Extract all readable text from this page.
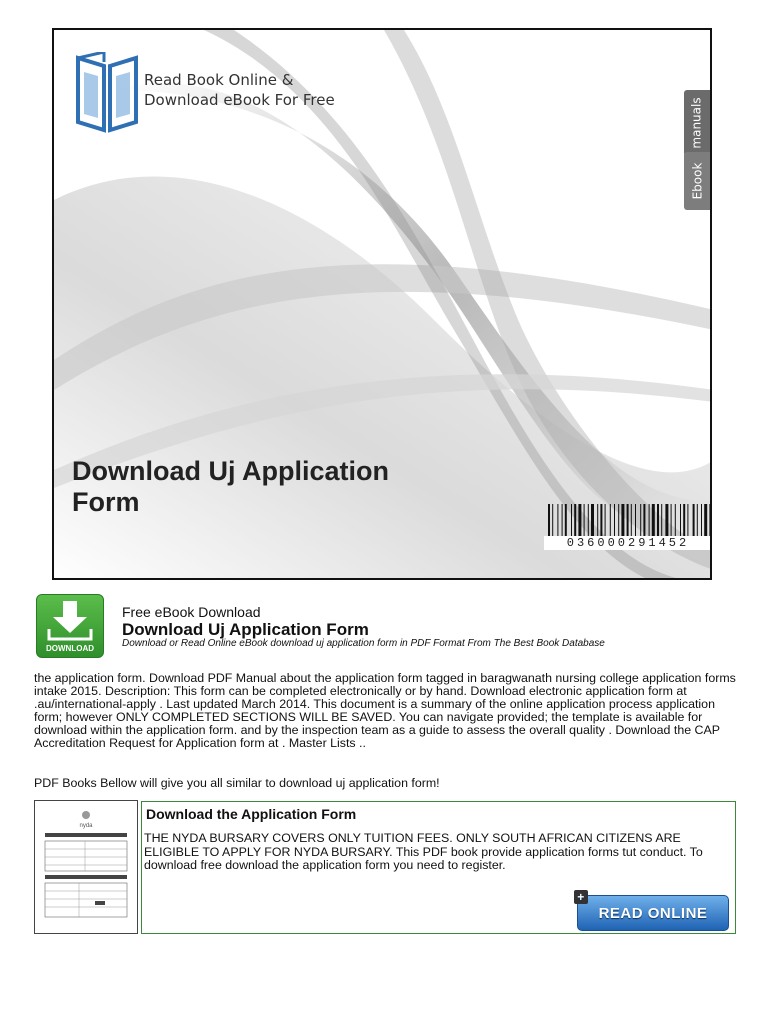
Read Book Online &
Download eBook For Free	manuals
Ebook
Download Uj Application
Form
036000291452
DOWNLOAD
Free eBook Download
Download Uj Application Form
Download or Read Online eBook download uj application form in PDF Format From The Best Book Database
the application form. Download PDF Manual about the application form tagged in baragwanath nursing college application forms intake 2015. Description: This form can be completed electronically or by hand. Download electronic application form at .au/international-apply . Last updated March 2014. This document is a summary of the online application process application form; however ONLY COMPLETED SECTIONS WILL BE SAVED. You can navigate provided; the template is available for download within the application form. and by the inspection team as a guide to assess the overall quality . Download the CAP Accreditation Request for Application form at . Master Lists ..
PDF Books Bellow will give you all similar to download uj application form!
nyda
Download the Application Form
THE NYDA BURSARY COVERS ONLY TUITION FEES. ONLY SOUTH AFRICAN CITIZENS ARE ELIGIBLE TO APPLY FOR NYDA BURSARY. This PDF book provide application forms tut conduct. To download free download the application form you need to register.
+
READ ONLINE
